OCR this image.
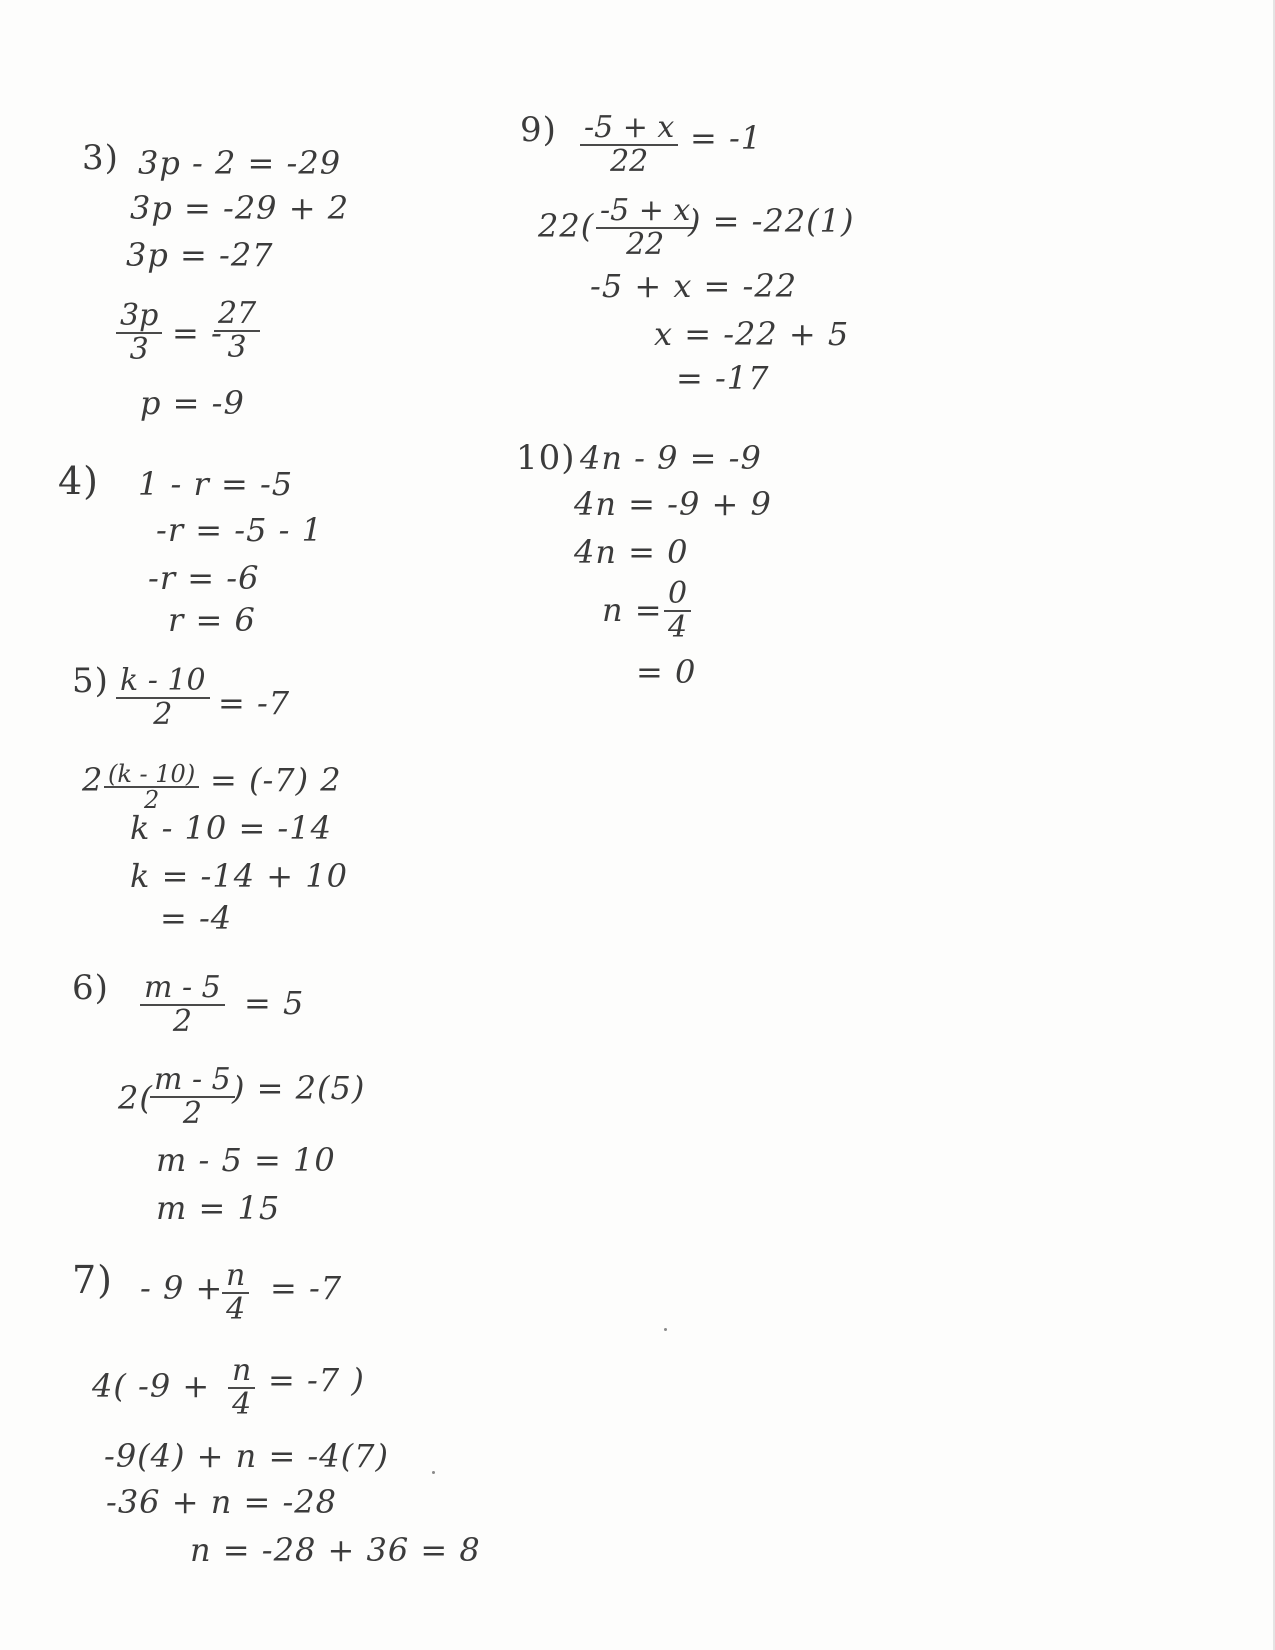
3) 3p - 2 = -29
3p = -29 + 2
3p = -27
$\frac{3p}{3}$ = -
$\frac{27}{3}$
p = -9
4) 1 - r = -5
-r = -5 - 1
-r = -6
r = 6
$5) \frac{k - 10}{2} = -7$
$2 \frac{(k - 10)}{2} = (-7)$ 2
k - 10 = -14
k = -14 + 10
= -4
$6) \frac{m - 5}{2} = 5$
2(
$\frac{m - 5}{2}$
) = 2(5)
m - 5 = 10
m = 15
7) - 9 +
$\frac{n}{4} = -7$
4( $-9 + \frac{n}{4} = -7$ )
-9(4) + n = -4(7)
-36 + n = -28
n = -28 + 36 = 8
$9) \frac{-5 + x}{22} = -1$
$22( \frac{-5 + x}{22}$
) = -22(1)
-5 + x = -22
x = -22 + 5
= -17
10) 4n - 9 = -9
4n = -9 + 9
4n = 0
$n = \frac{0}{4}$
= 0
